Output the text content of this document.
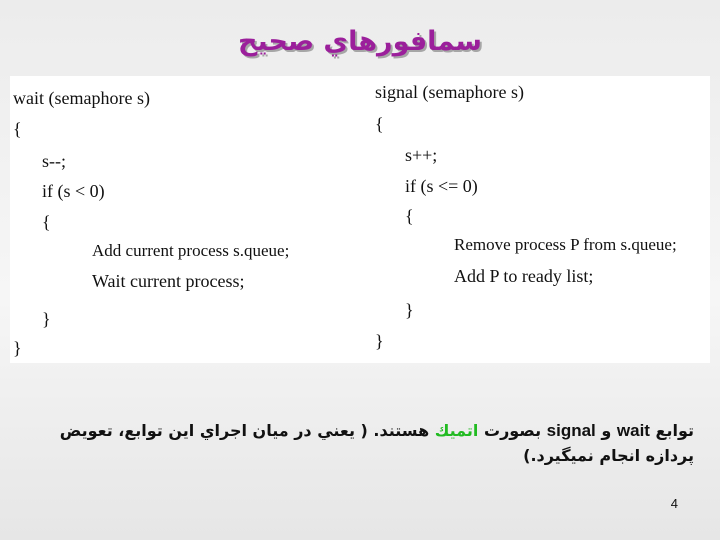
سمافورهاي صحيح
wait (semaphore s)
{
s--;
if (s < 0)
{
Add current process s.queue;
Wait current process;
}
}
signal (semaphore s)
{
s++;
if (s <= 0)
{
Remove process P from s.queue;
Add P to ready list;
}
}
توابع wait و signal بصورت اتميك هستند. ( يعني در ميان اجراي اين توابع، تعويض پردازه انجام نميگيرد.)
4
